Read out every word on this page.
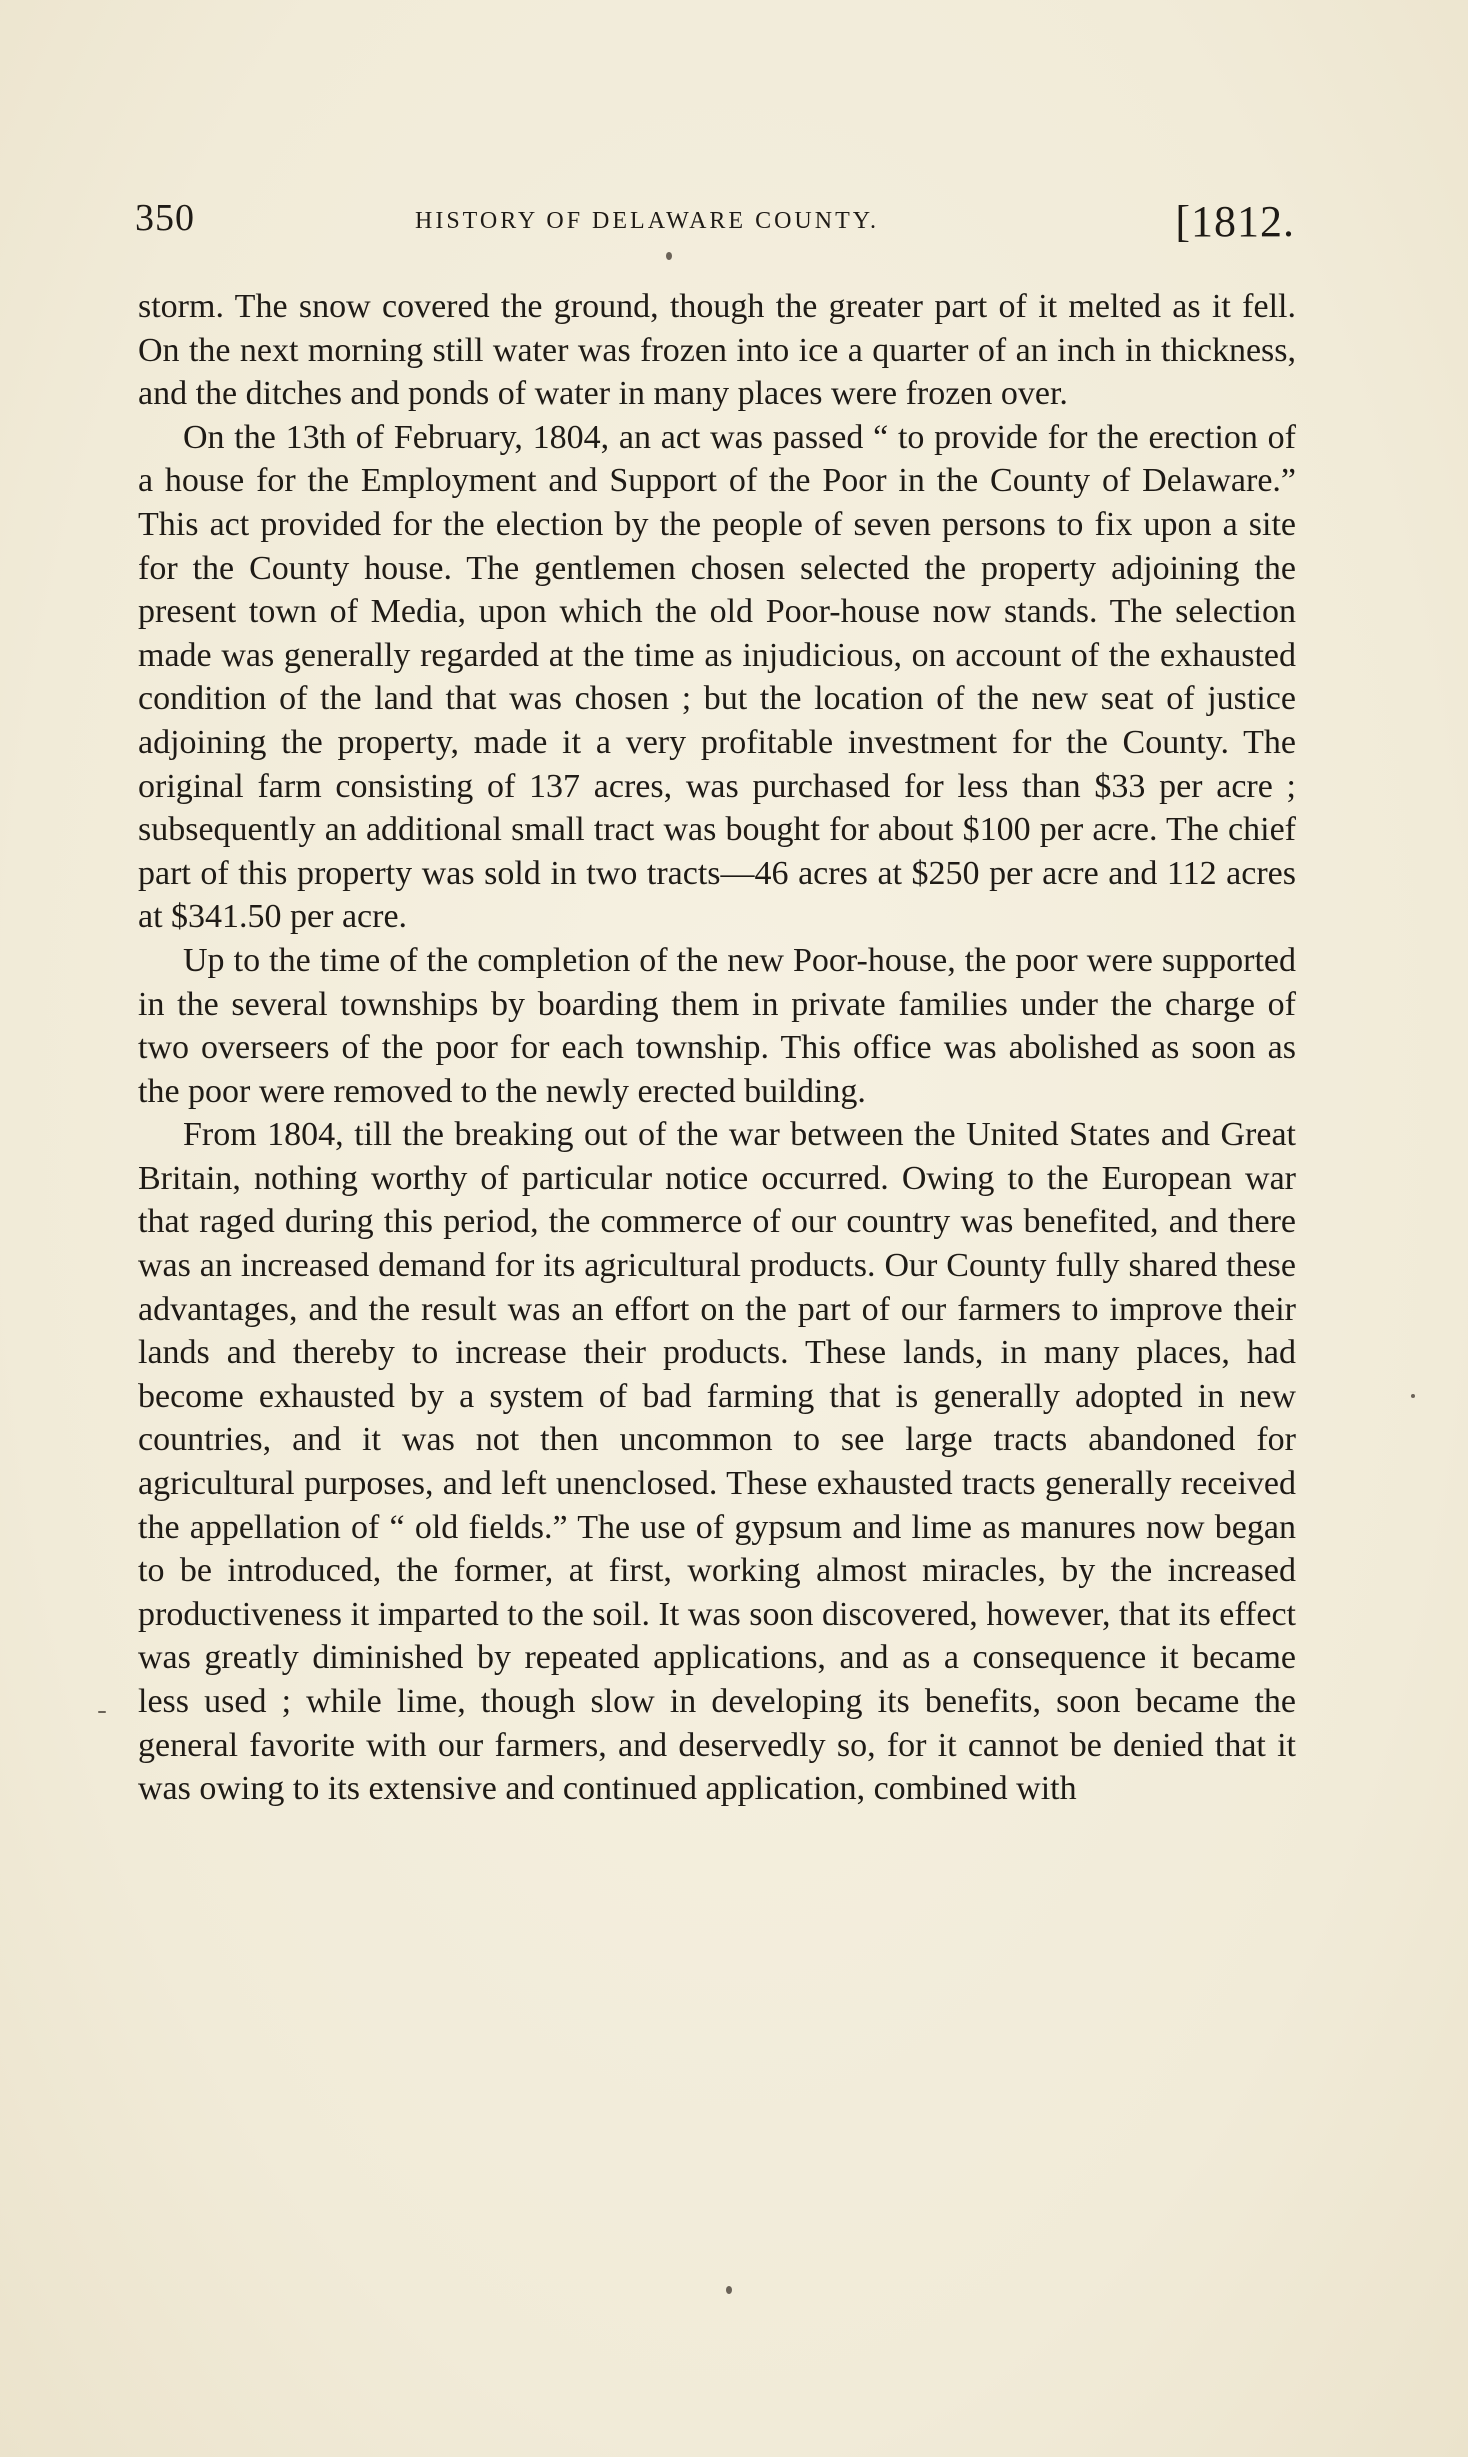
350	HISTORY OF DELAWARE COUNTY.	[1812.

storm. The snow covered the ground, though the greater part of it melted as it fell. On the next morning still water was frozen into ice a quarter of an inch in thickness, and the ditches and ponds of water in many places were frozen over.

On the 13th of February, 1804, an act was passed “ to provide for the erection of a house for the Employment and Support of the Poor in the County of Delaware.” This act provided for the election by the people of seven persons to fix upon a site for the County house. The gentlemen chosen selected the property adjoining the present town of Media, upon which the old Poor-house now stands. The selection made was generally regarded at the time as injudicious, on account of the exhausted condition of the land that was chosen ; but the location of the new seat of justice adjoining the property, made it a very profitable investment for the County. The original farm consisting of 137 acres, was purchased for less than $33 per acre ; subsequently an additional small tract was bought for about $100 per acre. The chief part of this property was sold in two tracts—46 acres at $250 per acre and 112 acres at $341.50 per acre.

Up to the time of the completion of the new Poor-house, the poor were supported in the several townships by boarding them in private families under the charge of two overseers of the poor for each township. This office was abolished as soon as the poor were removed to the newly erected building.

From 1804, till the breaking out of the war between the United States and Great Britain, nothing worthy of particular notice occurred. Owing to the European war that raged during this period, the commerce of our country was benefited, and there was an increased demand for its agricultural products. Our County fully shared these advantages, and the result was an effort on the part of our farmers to improve their lands and thereby to increase their products. These lands, in many places, had become exhausted by a system of bad farming that is generally adopted in new countries, and it was not then uncommon to see large tracts abandoned for agricultural purposes, and left unenclosed. These exhausted tracts generally received the appellation of “ old fields.” The use of gypsum and lime as manures now began to be introduced, the former, at first, working almost miracles, by the increased productiveness it imparted to the soil. It was soon discovered, however, that its effect was greatly diminished by repeated applications, and as a consequence it became less used ; while lime, though slow in developing its benefits, soon became the general favorite with our farmers, and deservedly so, for it cannot be denied that it was owing to its extensive and continued application, combined with
